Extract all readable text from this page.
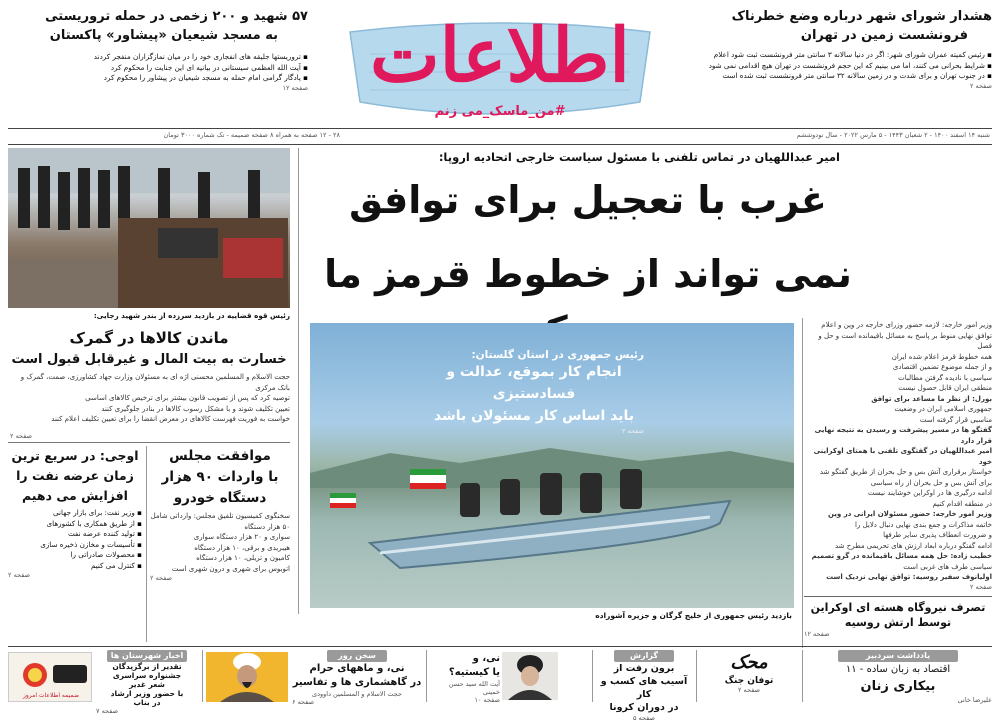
هشدار شورای شهر درباره وضع خطرناک
فرونشست زمین در تهران
▪ رئیس کمیته عمران شورای شهر: اگر در دنیا سالانه ۳ سانتی متر فرونشست ثبت شود اعلام
▪ شرایط بحرانی می کنند، اما می بینیم که این حجم فرونشست در تهران هیچ اقدامی نمی شود
▪ در جنوب تهران و برای شدت و در زمین سالانه ۳۲ سانتی متر فرونشست ثبت شده است
صفحه ۲
۵۷ شهید و ۲۰۰ زخمی در حمله تروریستی
به مسجد شیعیان «پیشاور» پاکستان
▪ تروریستها جلیقه های انفجاری خود را در میان نمازگزاران منفجر کردند
▪ آیت الله العظمی سیستانی در بیانیه ای این جنایت را محکوم کرد
▪ یادگار گرامی امام حمله به مسجد شیعیان در پیشاور را محکوم کرد
صفحه ۱۲ اطلاعات
#من_ماسک_می زنم
شنبه ۱۴ اسفند ۱۴۰۰ - ۲ شعبان ۱۴۴۳ - ۵ مارس ۲۰۲۲ - سال نودوششم
۲۸ - ۱۲ صفحه به همراه ۸ صفحه ضمیمه - تک شماره ۳۰۰۰ تومان
امیر عبداللهیان در تماس تلفنی با مسئول سیاست خارجی اتحادیه اروپا:
غرب با تعجیل برای توافق
نمی تواند از خطوط قرمز ما
وزیر امور خارجه: لازمه حضور وزرای خارجه در وین و اعلام توافق نهایی منوط بر پاسخ به مسائل باقیمانده است و حل و فصل
همه خطوط قرمز اعلام شده ایران
و از جمله موضوع تضمین اقتصادی
سیاسی با نادیده گرفتن مطالبات
منطقی ایران قابل حصول نیست
بورل: از نظر ما مساعد برای توافق
جمهوری اسلامی ایران در وضعیت
مناسبی قرار گرفته است
گفتگو ها در مسیر پیشرفت و رسیدن به نتیجه نهایی قرار دارد
امیر عبداللهیان در گفتگوی تلفنی با همتای اوکراینی خود
خواستار برقراری آتش بس و حل بحران از طریق گفتگو شد
برای آتش بس و حل بحران از راه سیاسی
ادامه درگیری ها در اوکراین خوشایند نیست
در منطقه اقدام کنیم
وزیر امور خارجه: حضور مسئولان ایرانی در وین
خاتمه مذاکرات و جمع بندی نهایی دنبال دلایل را
و ضرورت انعطاف پذیری سایر طرفها
ادامه گفتگو درباره ابعاد ارزش های تحریمی مطرح شد
خطیب زاده: حل همه مسائل باقیمانده در گرو تصمیم
سیاسی طرف های غربی است
اولیانوف سفیر روسیه: توافق نهایی نزدیک است
صفحه ۲
تصرف نیروگاه هسته ای اوکراین
توسط ارتش روسیه
صفحه ۱۲
رئیس جمهوری در استان گلستان:
انجام کار بموقع، عدالت و فسادستیزی
باید اساس کار مسئولان باشد
صفحه ۲
بازدید رئیس جمهوری از خلیج گرگان و جزیره آشوراده
رئیس قوه قضاییه در بازدید سرزده از بندر شهید رجایی:
ماندن کالاها در گمرک
خسارت به بیت المال و غیرقابل قبول است
حجت الاسلام و المسلمین محسنی اژه ای به مسئولان وزارت جهاد کشاورزی، صمت، گمرک و بانک مرکزی
توصیه کرد که پس از تصویب قانون بیشتر برای ترخیص کالاهای اساسی
تعیین تکلیف شوند و با مشکل رسوب کالاها در بنادر جلوگیری کنند
خواست به فوریت فهرست کالاهای در معرض انقضا را برای تعیین تکلیف اعلام کنند
صفحه ۲
موافقت مجلس
با واردات ۹۰ هزار
دستگاه خودرو
سخنگوی کمیسیون تلفیق مجلس: وارداتی شامل ۵۰ هزار دستگاه
سواری و ۲۰ هزار دستگاه سواری
هیبریدی و برقی، ۱۰ هزار دستگاه
کامیون و تریلی، ۱۰ هزار دستگاه
اتوبوس برای شهری و درون شهری است
صفحه ۲
اوجی: در سریع ترین
زمان عرضه نفت را
افزایش می دهیم
▪ وزیر نفت: برای بازار جهانی
▪ از طریق همکاری با کشورهای
▪ تولید کننده عرضه نفت
▪ تأسیسات و مخازن ذخیره سازی
▪ محصولات صادراتی را
▪ کنترل می کنیم
صفحه ۲
یادداشت سردبیر
اقتصاد به زبان ساده - ۱۱
بیکاری زنان
علیرضا خانی
محک
توفان جنگ
صفحه ۲
گزارش
برون رفت از
آسیب های کسب و کار
در دوران کرونا
صفحه ۵
نی، و
یا کیستیه؟
آیت الله سید حسن خمینی
صفحه ۱۰
سخن روز
نی، و ماههای حرام
در گاهشماری ها و تفاسیر
حجت الاسلام و المسلمین داوودی
صفحه ۶
اخبار شهرستان ها
تقدیر از برگزیدگان
جشنواره سراسری
شعر غدیر
با حضور وزیر ارشاد
در بناب
صفحه ۷
ضمیمه اطلاعات امروز
